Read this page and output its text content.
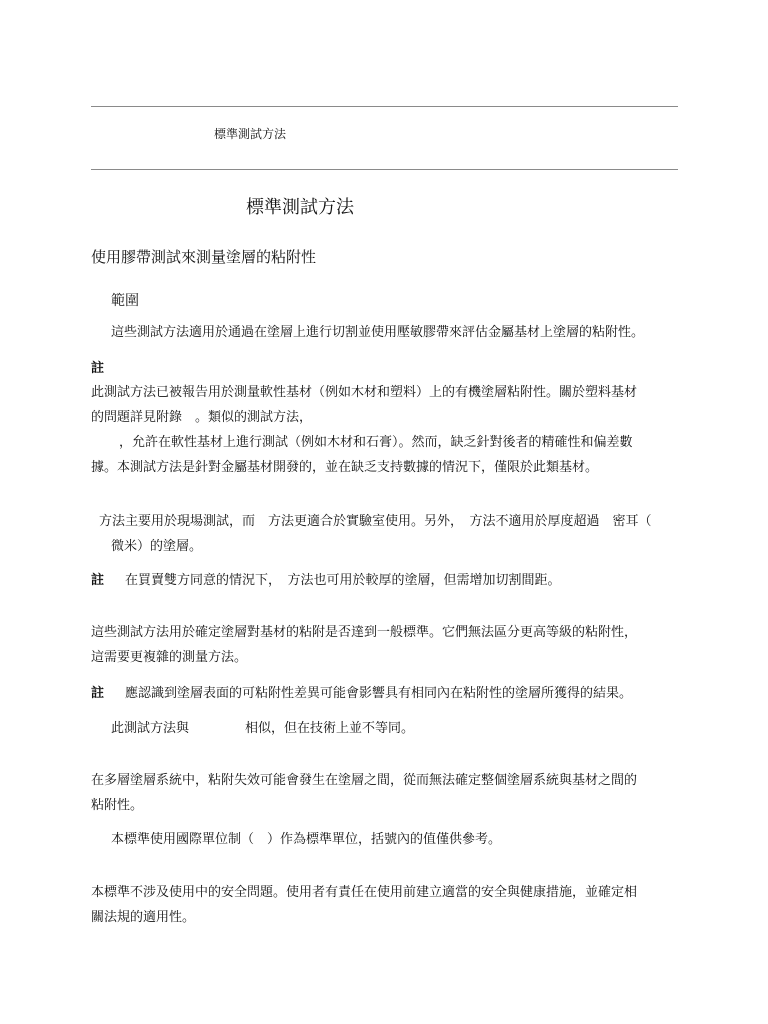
標準測試方法
標準測試方法
使用膠帶測試來測量塗層的粘附性
範圍
這些測試方法適用於通過在塗層上進行切割並使用壓敏膠帶來評估金屬基材上塗層的粘附性。
註
此測試方法已被報告用於測量軟性基材（例如木材和塑料）上的有機塗層粘附性。關於塑料基材
的問題詳見附錄　。類似的測試方法，
，允許在軟性基材上進行測試（例如木材和石膏）。然而，缺乏針對後者的精確性和偏差數
據。本測試方法是針對金屬基材開發的，並在缺乏支持數據的情況下，僅限於此類基材。
方法主要用於現場測試，而　方法更適合於實驗室使用。另外，　方法不適用於厚度超過　密耳（
微米）的塗層。
註 在買賣雙方同意的情況下，　方法也可用於較厚的塗層，但需增加切割間距。
這些測試方法用於確定塗層對基材的粘附是否達到一般標準。它們無法區分更高等級的粘附性，
這需要更複雜的測量方法。
註 應認識到塗層表面的可粘附性差異可能會影響具有相同內在粘附性的塗層所獲得的結果。
此測試方法與	相似，但在技術上並不等同。
在多層塗層系統中，粘附失效可能會發生在塗層之間，從而無法確定整個塗層系統與基材之間的
粘附性。
本標準使用國際單位制（　）作為標準單位，括號內的值僅供參考。
本標準不涉及使用中的安全問題。使用者有責任在使用前建立適當的安全與健康措施，並確定相
關法規的適用性。
